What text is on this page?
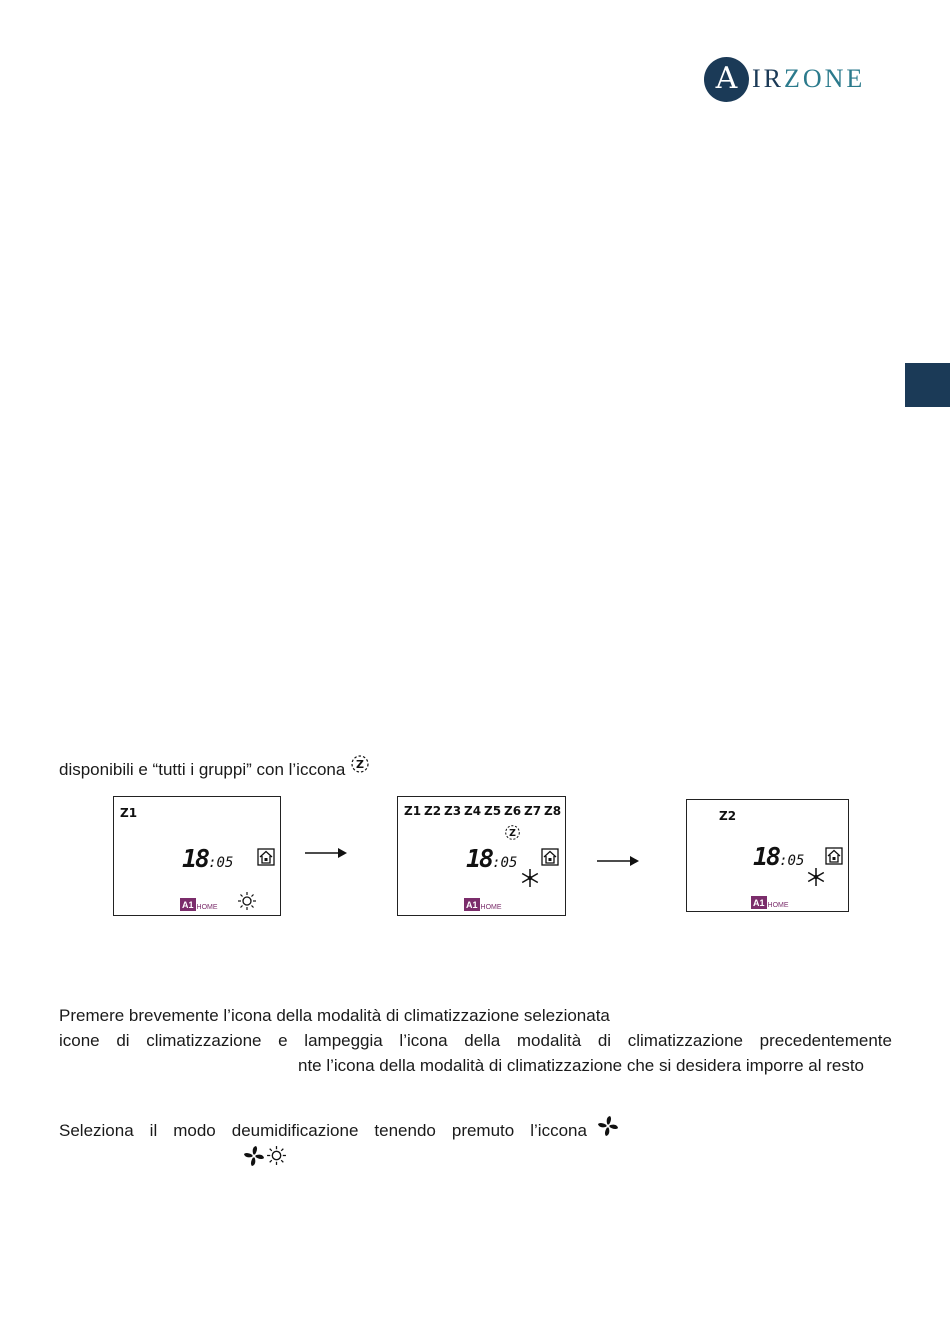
A IRZONE
disponibili e “tutti i gruppi” con l’iccona Z
Z1
18:05
A1 HOME
Z1 Z2 Z3 Z4 Z5 Z6 Z7 Z8
Z
18:05
A1 HOME
Z2
18:05
A1 HOME
Premere brevemente l’icona della modalità di climatizzazione selezionata
icone di climatizzazione e lampeggia l’icona della modalità di climatizzazione precedentemente
nte l’icona della modalità di climatizzazione che si desidera imporre al resto
Seleziona il modo deumidificazione tenendo premuto l’iccona
